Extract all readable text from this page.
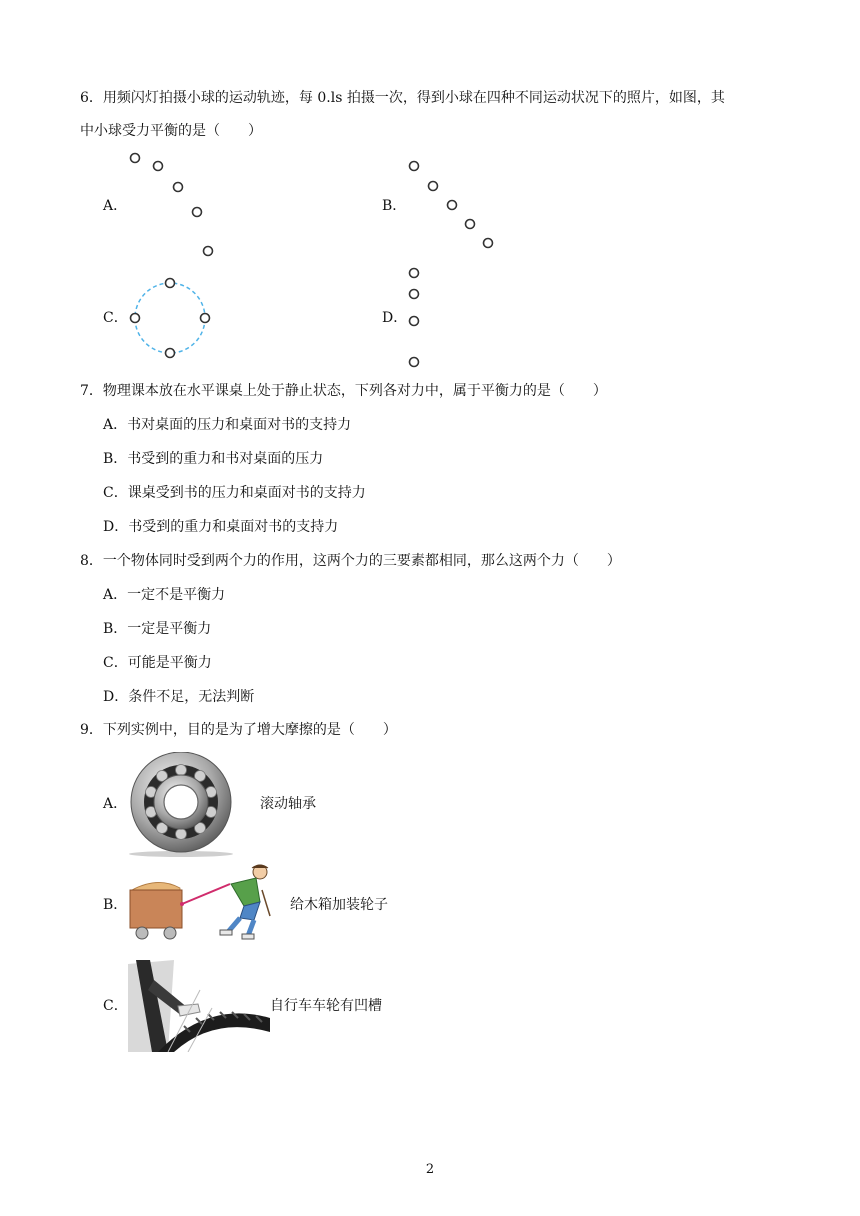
6．用频闪灯拍摄小球的运动轨迹，每 0.ls 拍摄一次，得到小球在四种不同运动状况下的照片，如图，其
中小球受力平衡的是（　　）
A．	B．
C．	D．
7．物理课本放在水平课桌上处于静止状态，下列各对力中，属于平衡力的是（　　）
A．书对桌面的压力和桌面对书的支持力
B．书受到的重力和书对桌面的压力
C．课桌受到书的压力和桌面对书的支持力
D．书受到的重力和桌面对书的支持力
8．一个物体同时受到两个力的作用，这两个力的三要素都相同，那么这两个力（　　）
A．一定不是平衡力
B．一定是平衡力
C．可能是平衡力
D．条件不足，无法判断
9．下列实例中，目的是为了增大摩擦的是（　　）
A．	滚动轴承
B．	给木箱加装轮子
C．	自行车车轮有凹槽
2
